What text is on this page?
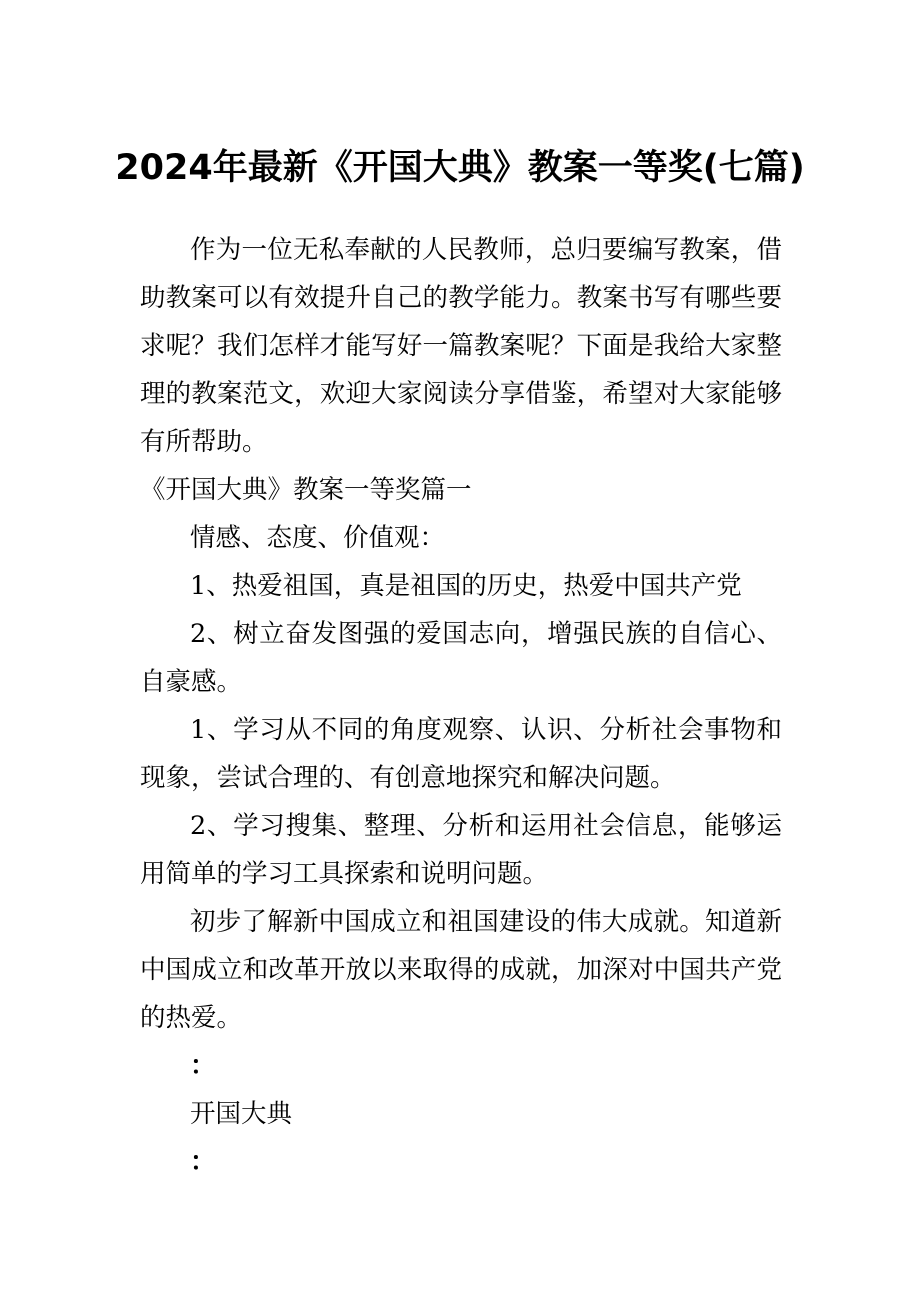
2024年最新《开国大典》教案一等奖(七篇)

作为一位无私奉献的人民教师，总归要编写教案，借助教案可以有效提升自己的教学能力。教案书写有哪些要求呢？我们怎样才能写好一篇教案呢？下面是我给大家整理的教案范文，欢迎大家阅读分享借鉴，希望对大家能够有所帮助。

《开国大典》教案一等奖篇一

情感、态度、价值观：

1、热爱祖国，真是祖国的历史，热爱中国共产党

2、树立奋发图强的爱国志向，增强民族的自信心、自豪感。

1、学习从不同的角度观察、认识、分析社会事物和现象，尝试合理的、有创意地探究和解决问题。

2、学习搜集、整理、分析和运用社会信息，能够运用简单的学习工具探索和说明问题。

初步了解新中国成立和祖国建设的伟大成就。知道新中国成立和改革开放以来取得的成就，加深对中国共产党的热爱。

：

开国大典

：
